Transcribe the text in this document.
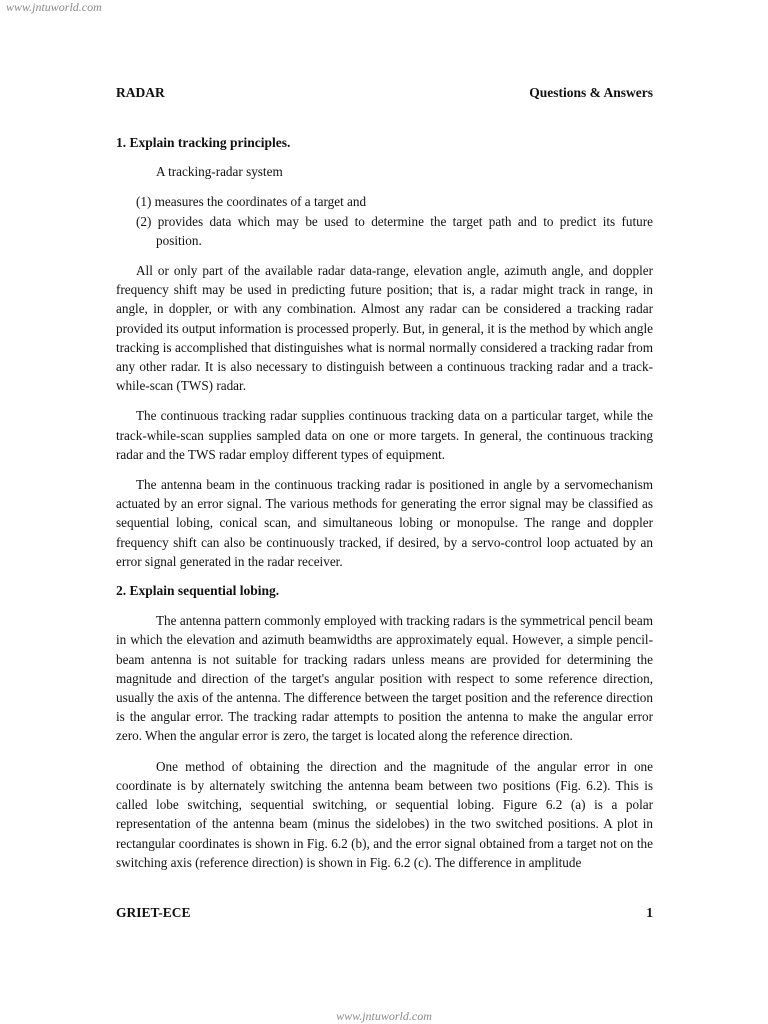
www.jntuworld.com
RADAR	Questions & Answers

1. Explain tracking principles.

A tracking-radar system

(1) measures the coordinates of a target and
(2) provides data which may be used to determine the target path and to predict its future position.

All or only part of the available radar data-range, elevation angle, azimuth angle, and doppler frequency shift may be used in predicting future position; that is, a radar might track in range, in angle, in doppler, or with any combination. Almost any radar can be considered a tracking radar provided its output information is processed properly. But, in general, it is the method by which angle tracking is accomplished that distinguishes what is normal normally considered a tracking radar from any other radar. It is also necessary to distinguish between a continuous tracking radar and a track-while-scan (TWS) radar.

The continuous tracking radar supplies continuous tracking data on a particular target, while the track-while-scan supplies sampled data on one or more targets. In general, the continuous tracking radar and the TWS radar employ different types of equipment.

The antenna beam in the continuous tracking radar is positioned in angle by a servomechanism actuated by an error signal. The various methods for generating the error signal may be classified as sequential lobing, conical scan, and simultaneous lobing or monopulse. The range and doppler frequency shift can also be continuously tracked, if desired, by a servo-control loop actuated by an error signal generated in the radar receiver.

2. Explain sequential lobing.

The antenna pattern commonly employed with tracking radars is the symmetrical pencil beam in which the elevation and azimuth beamwidths are approximately equal. However, a simple pencil-beam antenna is not suitable for tracking radars unless means are provided for determining the magnitude and direction of the target's angular position with respect to some reference direction, usually the axis of the antenna. The difference between the target position and the reference direction is the angular error. The tracking radar attempts to position the antenna to make the angular error zero. When the angular error is zero, the target is located along the reference direction.

One method of obtaining the direction and the magnitude of the angular error in one coordinate is by alternately switching the antenna beam between two positions (Fig. 6.2). This is called lobe switching, sequential switching, or sequential lobing. Figure 6.2 (a) is a polar representation of the antenna beam (minus the sidelobes) in the two switched positions. A plot in rectangular coordinates is shown in Fig. 6.2 (b), and the error signal obtained from a target not on the switching axis (reference direction) is shown in Fig. 6.2 (c). The difference in amplitude

GRIET-ECE	1
www.jntuworld.com
